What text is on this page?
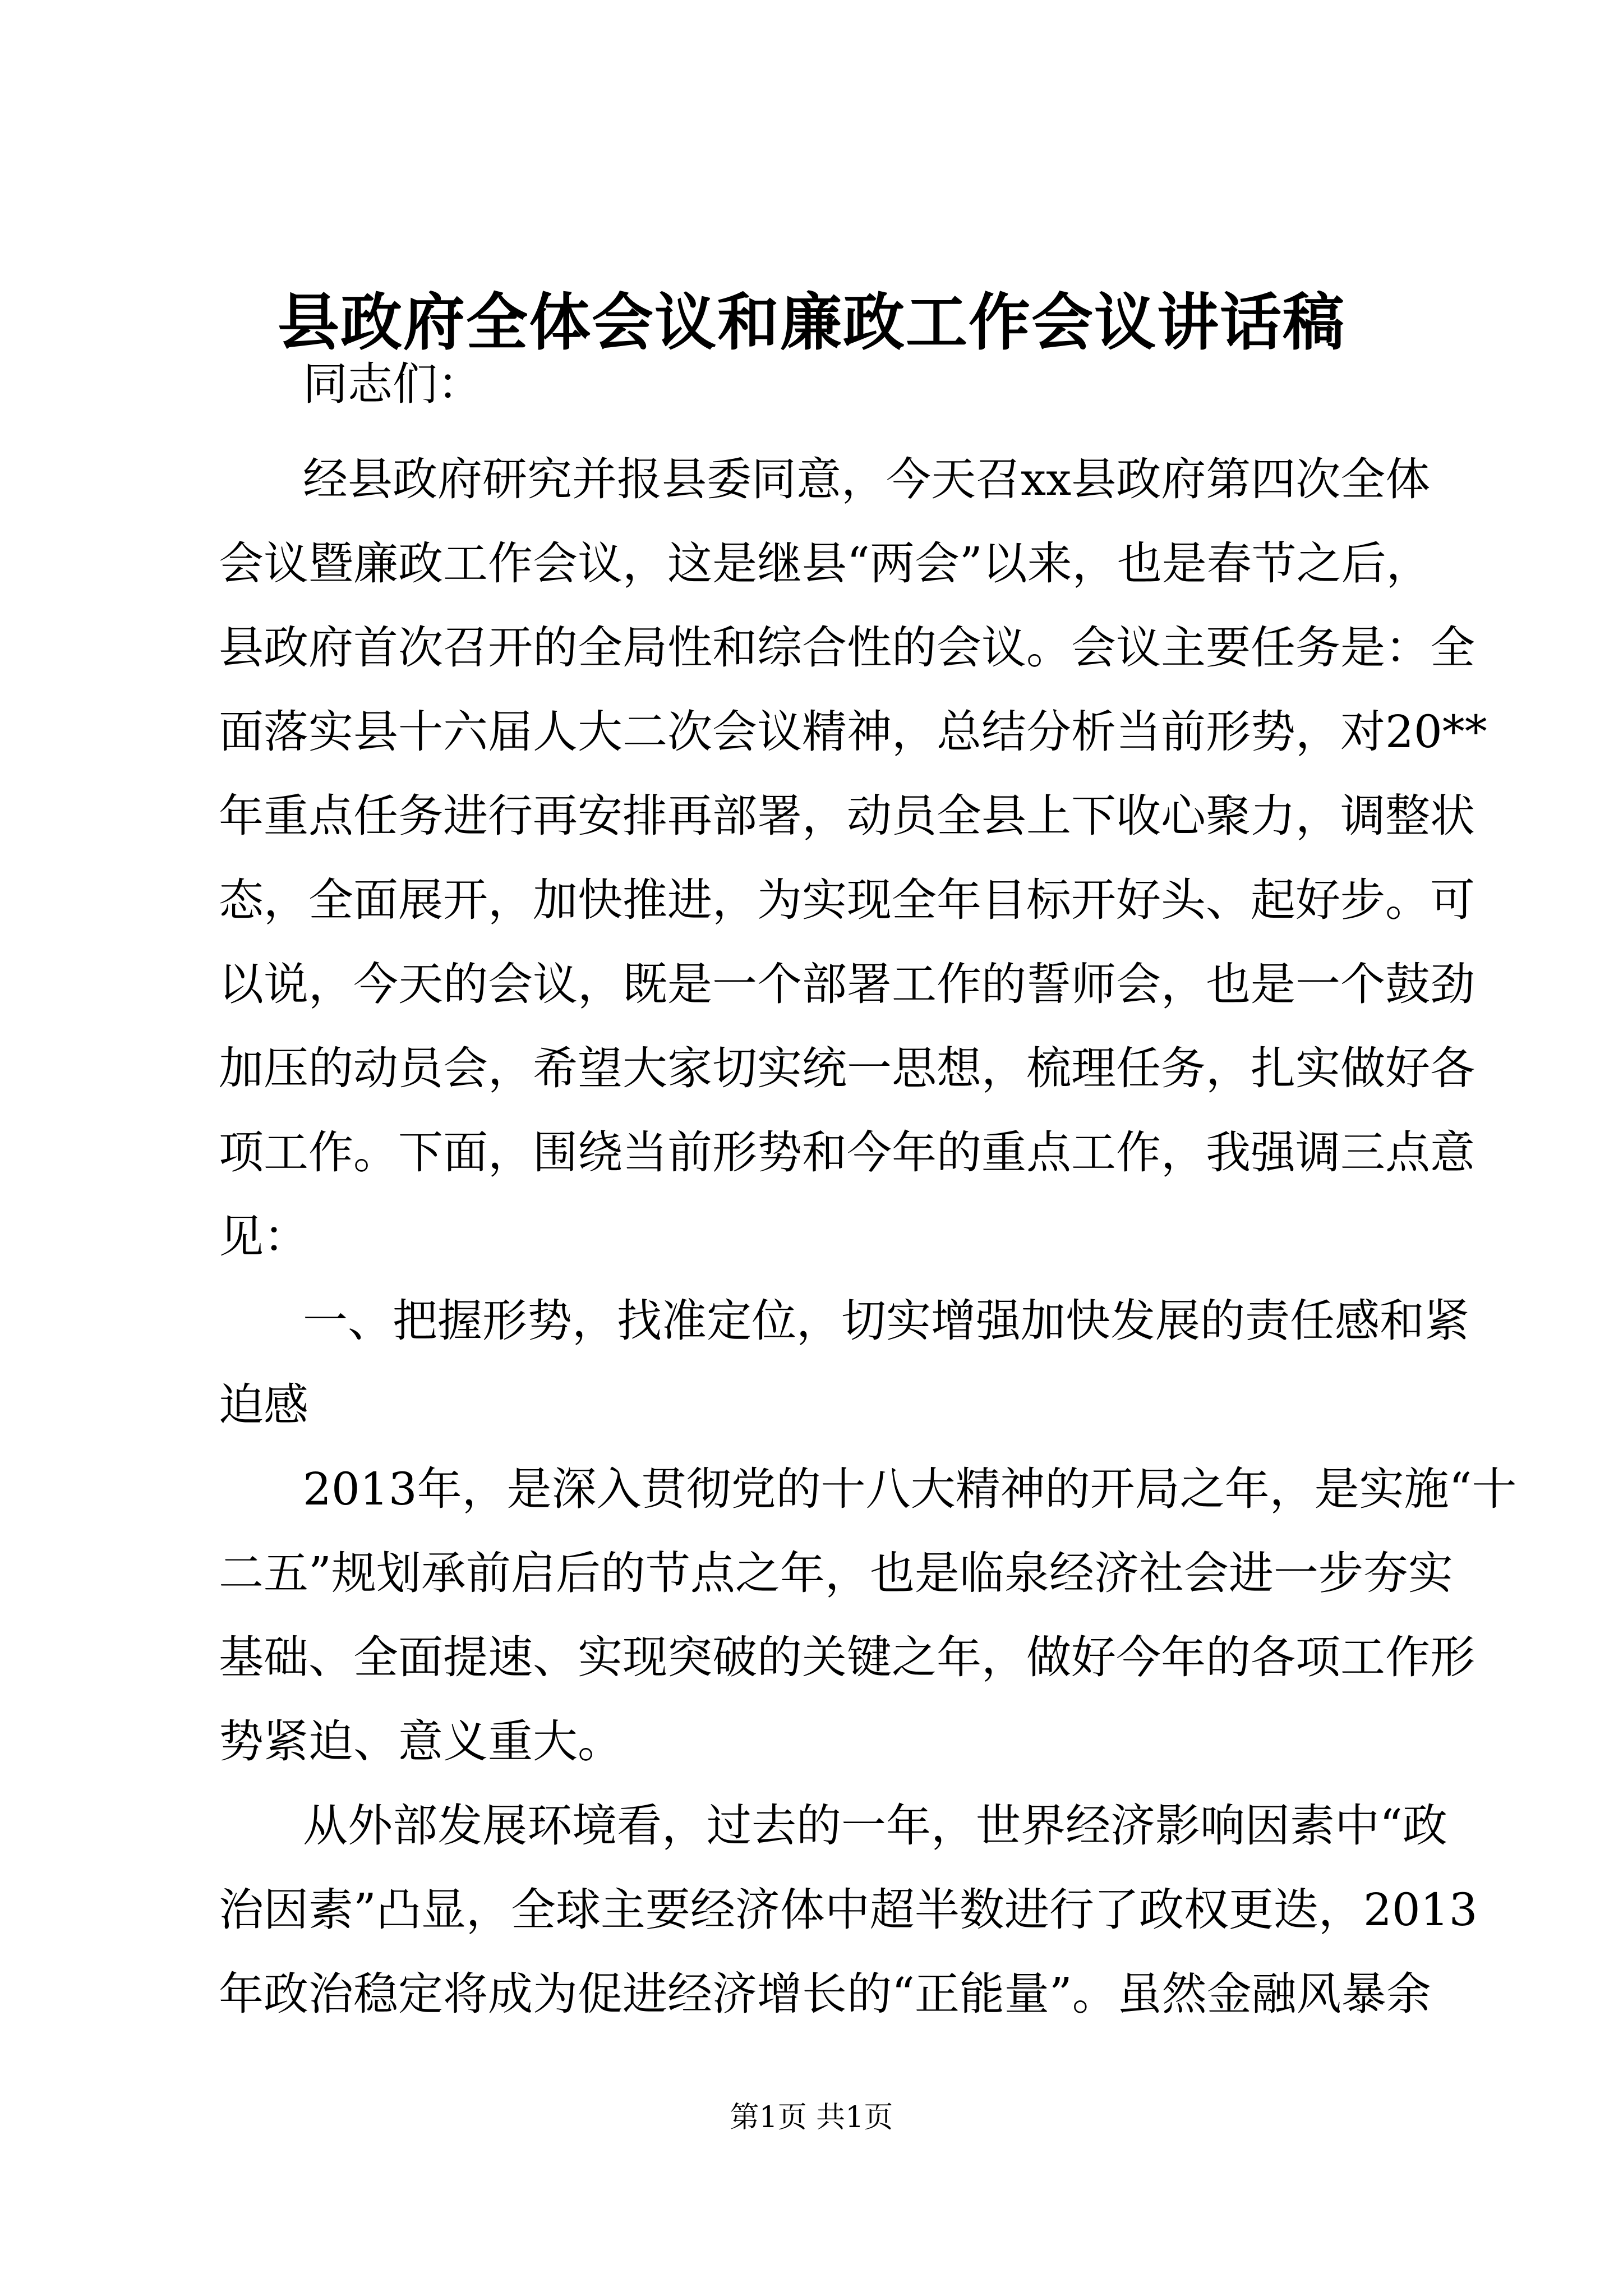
县政府全体会议和廉政工作会议讲话稿
同志们：
经县政府研究并报县委同意，今天召xx县政府第四次全体
会议暨廉政工作会议，这是继县“两会”以来，也是春节之后，
县政府首次召开的全局性和综合性的会议。会议主要任务是：全
面落实县十六届人大二次会议精神，总结分析当前形势，对20**
年重点任务进行再安排再部署，动员全县上下收心聚力，调整状
态，全面展开，加快推进，为实现全年目标开好头、起好步。可
以说，今天的会议，既是一个部署工作的誓师会，也是一个鼓劲
加压的动员会，希望大家切实统一思想，梳理任务，扎实做好各
项工作。下面，围绕当前形势和今年的重点工作，我强调三点意
见：
一、把握形势，找准定位，切实增强加快发展的责任感和紧
迫感
2013年，是深入贯彻党的十八大精神的开局之年，是实施“十
二五”规划承前启后的节点之年，也是临泉经济社会进一步夯实
基础、全面提速、实现突破的关键之年，做好今年的各项工作形
势紧迫、意义重大。
从外部发展环境看，过去的一年，世界经济影响因素中“政
治因素”凸显，全球主要经济体中超半数进行了政权更迭，2013
年政治稳定将成为促进经济增长的“正能量”。虽然金融风暴余
第1页 共1页
